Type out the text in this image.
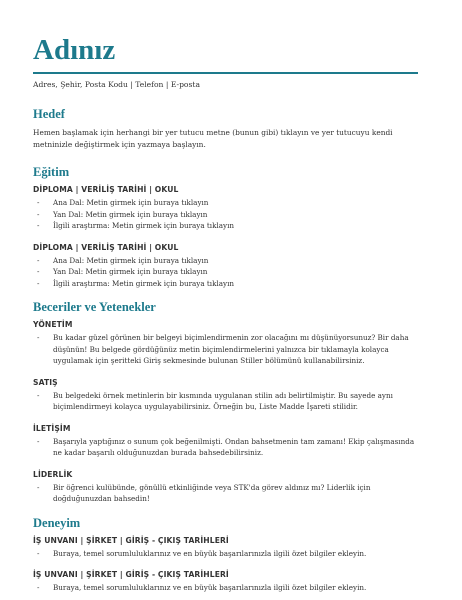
Adınız

Adres, Şehir, Posta Kodu | Telefon | E-posta

Hedef

Hemen başlamak için herhangi bir yer tutucu metne (bunun gibi) tıklayın ve yer tutucuyu kendi metninizle değiştirmek için yazmaya başlayın.

Eğitim
DİPLOMA | VERİLİŞ TARİHİ | OKUL
- Ana Dal: Metin girmek için buraya tıklayın
- Yan Dal: Metin girmek için buraya tıklayın
- İlgili araştırma: Metin girmek için buraya tıklayın
DİPLOMA | VERİLİŞ TARİHİ | OKUL
- Ana Dal: Metin girmek için buraya tıklayın
- Yan Dal: Metin girmek için buraya tıklayın
- İlgili araştırma: Metin girmek için buraya tıklayın
Beceriler ve Yetenekler
YÖNETİM
- Bu kadar güzel görünen bir belgeyi biçimlendirmenin zor olacağını mı düşünüyorsunuz? Bir daha düşünün! Bu belgede gördüğünüz metin biçimlendirmelerini yalnızca bir tıklamayla kolayca uygulamak için şeritteki Giriş sekmesinde bulunan Stiller bölümünü kullanabilirsiniz.
SATIŞ
- Bu belgedeki örnek metinlerin bir kısmında uygulanan stilin adı belirtilmiştir. Bu sayede aynı biçimlendirmeyi kolayca uygulayabilirsiniz. Örneğin bu, Liste Madde İşareti stilidir.
İLETİŞİM
- Başarıyla yaptığınız o sunum çok beğenilmişti. Ondan bahsetmenin tam zamanı! Ekip çalışmasında ne kadar başarılı olduğunuzdan burada bahsedebilirsiniz.
LİDERLİK
- Bir öğrenci kulübünde, gönüllü etkinliğinde veya STK'da görev aldınız mı? Liderlik için doğduğunuzdan bahsedin!
Deneyim
İŞ UNVANI | ŞİRKET | GİRİŞ - ÇIKIŞ TARİHLERİ
- Buraya, temel sorumluluklarınız ve en büyük başarılarınızla ilgili özet bilgiler ekleyin.
İŞ UNVANI | ŞİRKET | GİRİŞ - ÇIKIŞ TARİHLERİ
- Buraya, temel sorumluluklarınız ve en büyük başarılarınızla ilgili özet bilgiler ekleyin.
